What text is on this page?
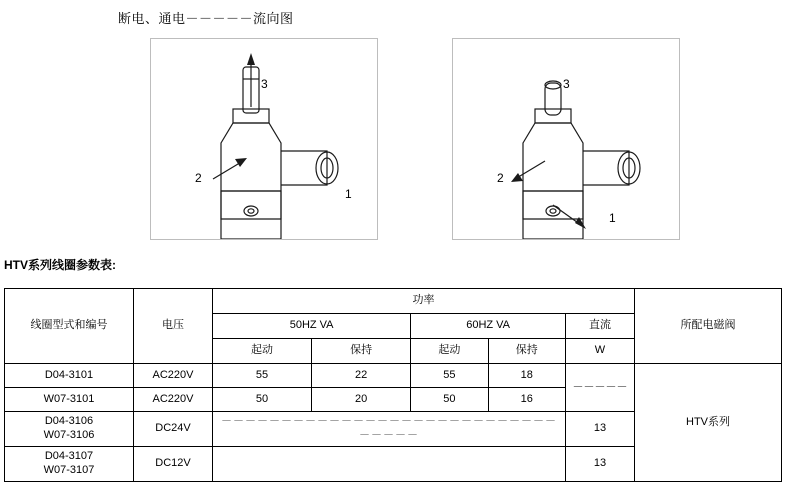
断电、通电－－－－－流向图
3
2
1
3
2
1
HTV系列线圈参数表:
线圈型式和编号	电压	功率					所配电磁阀
		50HZ VA		60HZ VA		直流	
		起动	保持	起动	保持	W	
D04-3101	AC220V	55	22	55	18	－－－－－	HTV系列
W07-3101	AC220V	50	20	50	16		

D04-3106
W07-3106	DC24V	－－－－－－－－－－－－－－－－－－－－－－－－－－－－－－－－－				13	

D04-3107
W07-3107	DC12V					13	
